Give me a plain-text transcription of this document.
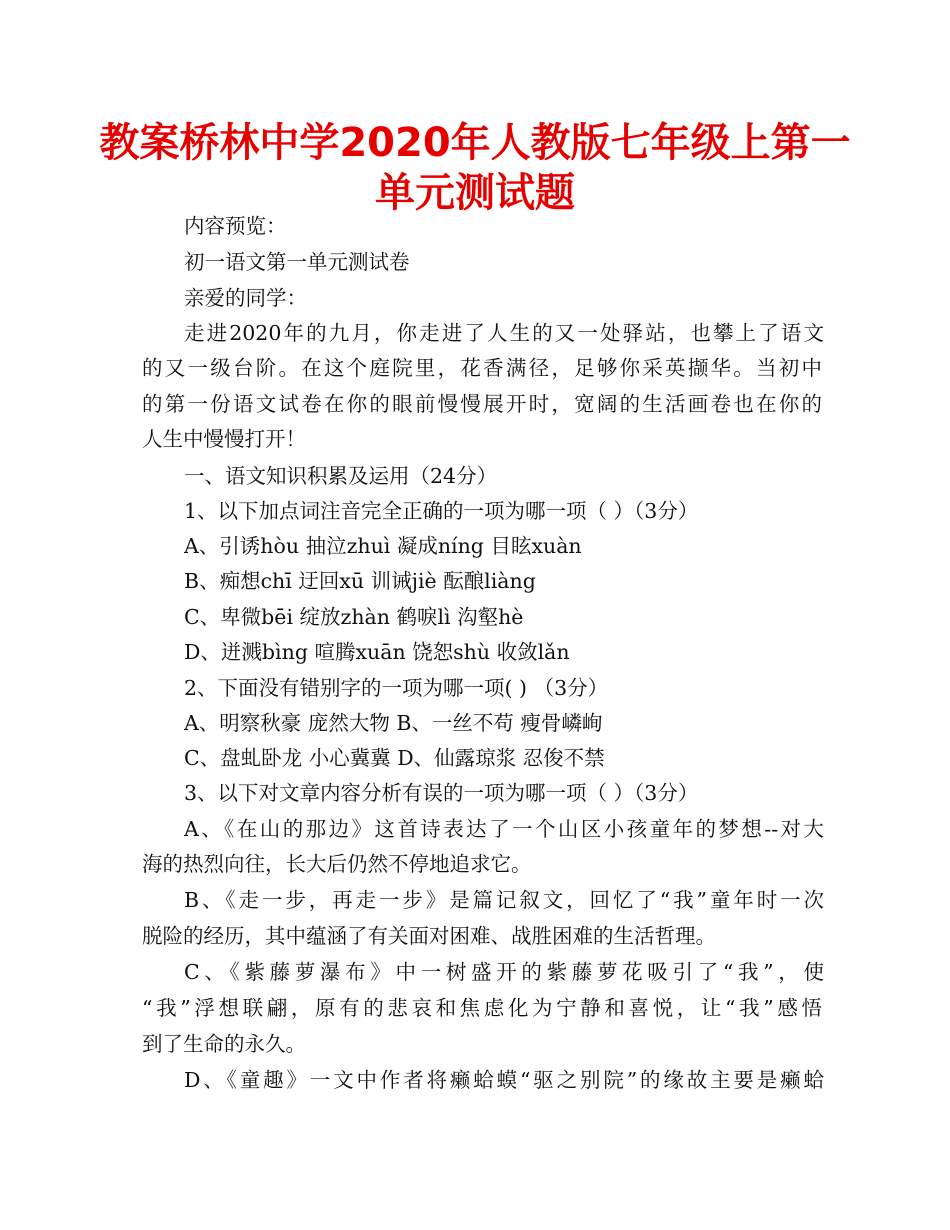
教案桥林中学2020年人教版七年级上第一
单元测试题
内容预览：
初一语文第一单元测试卷
亲爱的同学：
走进2020年的九月，你走进了人生的又一处驿站，也攀上了语文
的又一级台阶。在这个庭院里，花香满径，足够你采英撷华。当初中
的第一份语文试卷在你的眼前慢慢展开时，宽阔的生活画卷也在你的
人生中慢慢打开！
一、语文知识积累及运用（24分）
1、以下加点词注音完全正确的一项为哪一项（ ）（3分）
A、引诱hòu 抽泣zhuì 凝成níng 目眩xuàn
B、痴想chī 迂回xū 训诫jiè 酝酿liàng
C、卑微bēi 绽放zhàn 鹤唳lì 沟壑hè
D、迸溅bìng 喧腾xuān 饶恕shù 收敛lǎn
2、下面没有错别字的一项为哪一项( ) （3分）
A、明察秋豪 庞然大物 B、一丝不苟 瘦骨嶙峋
C、盘虬卧龙 小心冀冀 D、仙露琼浆 忍俊不禁
3、以下对文章内容分析有误的一项为哪一项（ ）（3分）
A、《在山的那边》这首诗表达了一个山区小孩童年的梦想--对大
海的热烈向往，长大后仍然不停地追求它。
B、《走一步，再走一步》是篇记叙文，回忆了“我”童年时一次
脱险的经历，其中蕴涵了有关面对困难、战胜困难的生活哲理。
C、《紫藤萝瀑布》中一树盛开的紫藤萝花吸引了“我”，使
“我”浮想联翩，原有的悲哀和焦虑化为宁静和喜悦，让“我”感悟
到了生命的永久。
D、《童趣》一文中作者将癞蛤蟆“驱之别院”的缘故主要是癞蛤
